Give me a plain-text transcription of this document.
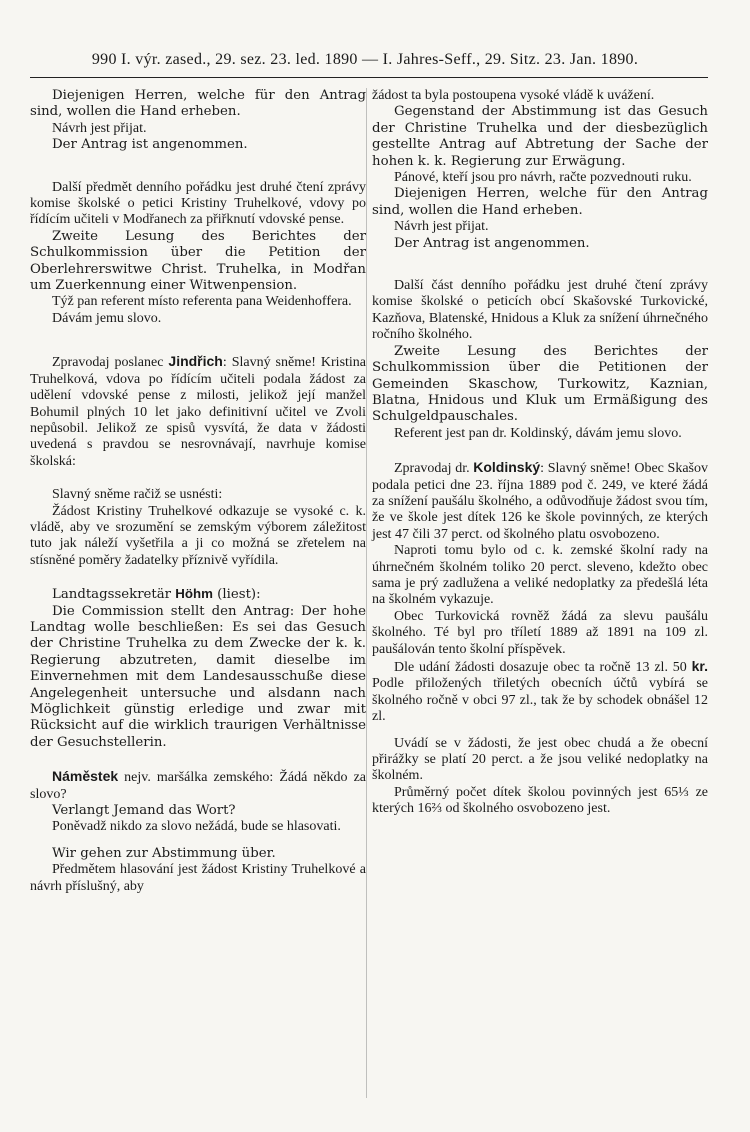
990 I. výr. zased., 29. sez. 23. led. 1890 — I. Jahres-Seff., 29. Sitz. 23. Jan. 1890.

Diejenigen Herren, welche für den Antrag sind, wollen die Hand erheben.

Návrh jest přijat.

Der Antrag ist angenommen.

Další předmět denního pořádku jest druhé čtení zprávy komise školské o petici Kristiny Truhelkové, vdovy po řídícím učiteli v Modřanech za přiřknutí vdovské pense.

Zweite Lesung des Berichtes der Schulkommission über die Petition der Oberlehrerswitwe Christ. Truhelka, in Modřan um Zuerkennung einer Witwenpension.

Týž pan referent místo referenta pana Weidenhoffera.

Dávám jemu slovo.

Zpravodaj poslanec Jindřich: Slavný sněme! Kristina Truhelková, vdova po řídícím učiteli podala žádost za udělení vdovské pense z milosti, jelikož její manžel Bohumil plných 10 let jako definitivní učitel ve Zvoli nepůsobil. Jelikož ze spisů vysvítá, že data v žádosti uvedená s pravdou se nesrovnávají, navrhuje komise školská:

Slavný sněme račiž se usnésti:

Žádost Kristiny Truhelkové odkazuje se vysoké c. k. vládě, aby ve srozumění se zemským výborem záležitost tuto jak náleží vyšetřila a ji co možná se zřetelem na stísněné poměry žadatelky příznivě vyřídila.

Landtagssekretär Höhm (liest):

Die Commission stellt den Antrag: Der hohe Landtag wolle beschließen: Es sei das Gesuch der Christine Truhelka zu dem Zwecke der k. k. Regierung abzutreten, damit dieselbe im Einvernehmen mit dem Landesausschuße diese Angelegenheit untersuche und alsdann nach Möglichkeit günstig erledige und zwar mit Rücksicht auf die wirklich traurigen Verhältnisse der Gesuchstellerin.

Náměstek nejv. maršálka zemského: Žádá někdo za slovo?

Verlangt Jemand das Wort?

Poněvadž nikdo za slovo nežádá, bude se hlasovati.

Wir gehen zur Abstimmung über.

Předmětem hlasování jest žádost Kristiny Truhelkové a návrh příslušný, aby

žádost ta byla postoupena vysoké vládě k uvážení.

Gegenstand der Abstimmung ist das Gesuch der Christine Truhelka und der diesbezüglich gestellte Antrag auf Abtretung der Sache der hohen k. k. Regierung zur Erwägung.

Pánové, kteří jsou pro návrh, račte pozvednouti ruku.

Diejenigen Herren, welche für den Antrag sind, wollen die Hand erheben.

Návrh jest přijat.

Der Antrag ist angenommen.

Další část denního pořádku jest druhé čtení zprávy komise školské o peticích obcí Skašovské Turkovické, Kazňova, Blatenské, Hnidous a Kluk za snížení úhrnečného ročního školného.

Zweite Lesung des Berichtes der Schulkommission über die Petitionen der Gemeinden Skaschow, Turkowitz, Kaznian, Blatna, Hnidous und Kluk um Ermäßigung des Schulgeldpauschales.

Referent jest pan dr. Koldinský, dávám jemu slovo.

Zpravodaj dr. Koldinský: Slavný sněme! Obec Skašov podala petici dne 23. října 1889 pod č. 249, ve které žádá za snížení paušálu školného, a odůvodňuje žádost svou tím, že ve škole jest dítek 126 ke škole povinných, ze kterých jest 47 čili 37 perct. od školného platu osvobozeno.

Naproti tomu bylo od c. k. zemské školní rady na úhrnečném školném toliko 20 perct. sleveno, kdežto obec sama je prý zadlužena a veliké nedoplatky za předešlá léta na školném vykazuje.

Obec Turkovická rovněž žádá za slevu paušálu školného. Té byl pro tříletí 1889 až 1891 na 109 zl. paušálován tento školní příspěvek.

Dle udání žádosti dosazuje obec ta ročně 13 zl. 50 kr. Podle přiložených třiletých obecních účtů vybírá se školného ročně v obci 97 zl., tak že by schodek obnášel 12 zl.

Uvádí se v žádosti, že jest obec chudá a že obecní přirážky se platí 20 perct. a že jsou veliké nedoplatky na školném.

Průměrný počet dítek školou povinných jest 65⅓ ze kterých 16⅔ od školného osvobozeno jest.
